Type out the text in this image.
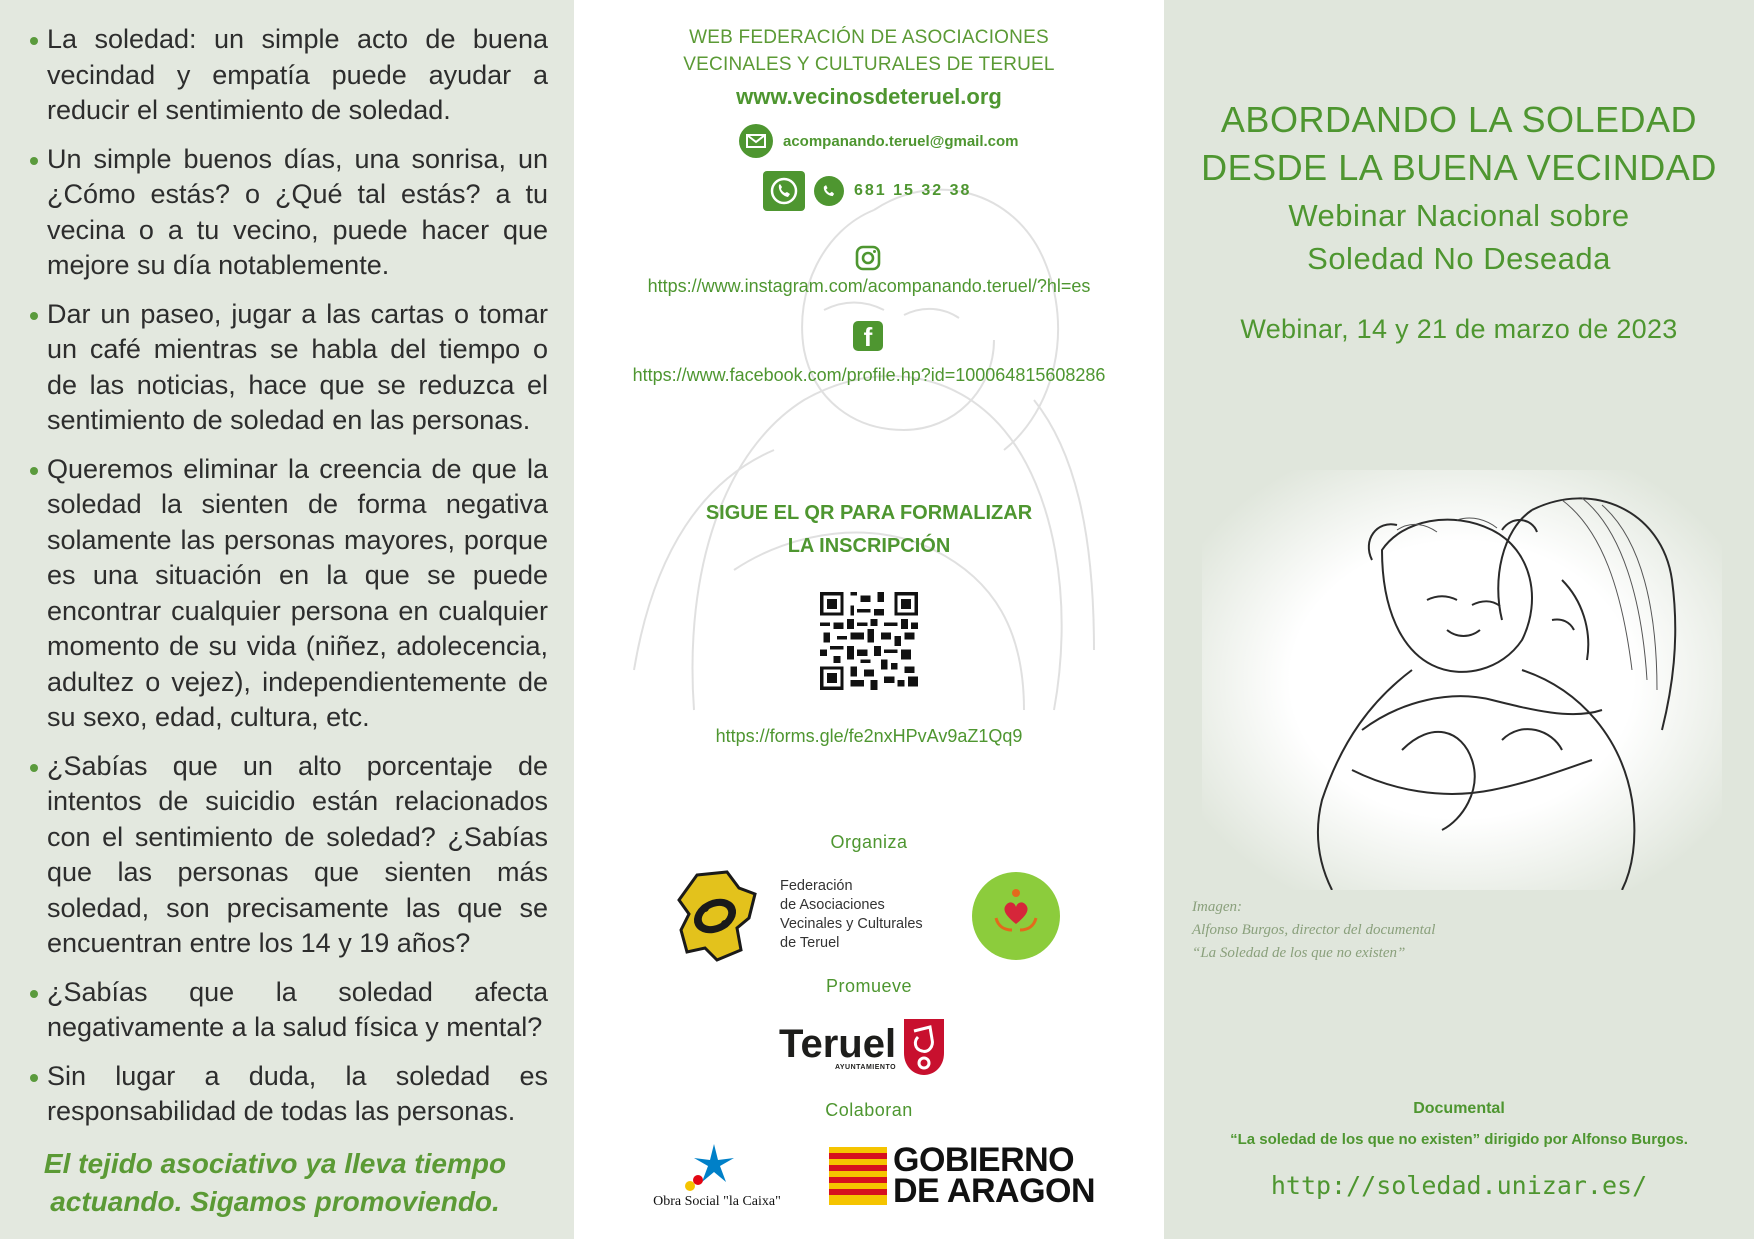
La soledad: un simple acto de buena vecindad y empatía puede ayudar a reducir el sentimiento de soledad.
Un simple buenos días, una sonrisa, un ¿Cómo estás? o ¿Qué tal estás? a tu vecina o a tu vecino, puede hacer que mejore su día notablemente.
Dar un paseo, jugar a las cartas o tomar un café mientras se habla del tiempo o de las noticias, hace que se reduzca el sentimiento de soledad en las personas.
Queremos eliminar la creencia de que la soledad la sienten de forma negativa solamente las personas mayores, porque es una situación en la que se puede encontrar cualquier persona en cualquier momento de su vida (niñez, adolecencia, adultez o vejez), independientemente de su sexo, edad, cultura, etc.
¿Sabías que un alto porcentaje de intentos de suicidio están relacionados con el sentimiento de soledad? ¿Sabías que las personas que sienten más soledad, son precisamente las que se encuentran entre los 14 y 19 años?
¿Sabías que la soledad afecta negativamente a la salud física y mental?
Sin lugar a duda, la soledad es responsabilidad de todas las personas.
El tejido asociativo ya lleva tiempo
actuando. Sigamos promoviendo.
WEB FEDERACIÓN DE ASOCIACIONES
VECINALES Y CULTURALES DE TERUEL
www.vecinosdeteruel.org
acompanando.teruel@gmail.com
681 15 32 38
https://www.instagram.com/acompanando.teruel/?hl=es
f
https://www.facebook.com/profile.hp?id=100064815608286
SIGUE EL QR PARA FORMALIZAR
LA INSCRIPCIÓN
https://forms.gle/fe2nxHPvAv9aZ1Qq9
Organiza
Federación
de Asociaciones
Vecinales y Culturales
de Teruel
Promueve
Teruel
AYUNTAMIENTO
Colaboran
Obra Social "la Caixa"
GOBIERNO
DE ARAGON
ABORDANDO LA SOLEDAD
DESDE LA BUENA VECINDAD
Webinar Nacional sobre
Soledad No Deseada
Webinar, 14 y 21 de marzo de 2023
Imagen:
Alfonso Burgos, director del documental
“La Soledad de los que no existen”
Documental
“La soledad de los que no existen” dirigido por Alfonso Burgos.
http://soledad.unizar.es/
